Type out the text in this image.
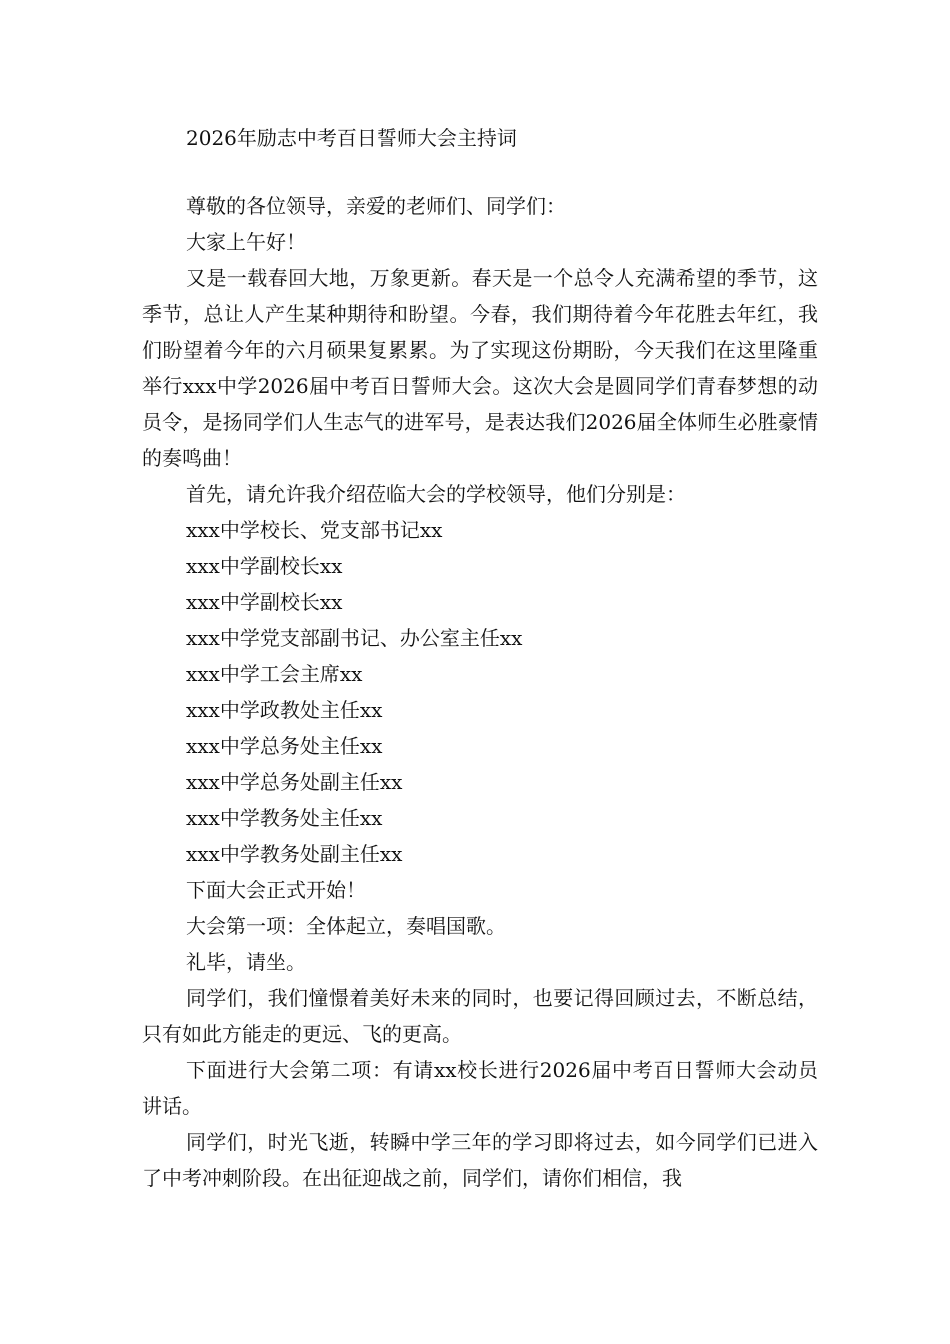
2026年励志中考百日誓师大会主持词

尊敬的各位领导，亲爱的老师们、同学们：

大家上午好！

又是一载春回大地，万象更新。春天是一个总令人充满希望的季节，这季节，总让人产生某种期待和盼望。今春，我们期待着今年花胜去年红，我们盼望着今年的六月硕果复累累。为了实现这份期盼，今天我们在这里隆重举行xxx中学2026届中考百日誓师大会。这次大会是圆同学们青春梦想的动员令，是扬同学们人生志气的进军号，是表达我们2026届全体师生必胜豪情的奏鸣曲！

首先，请允许我介绍莅临大会的学校领导，他们分别是：

xxx中学校长、党支部书记xx

xxx中学副校长xx

xxx中学副校长xx

xxx中学党支部副书记、办公室主任xx

xxx中学工会主席xx

xxx中学政教处主任xx

xxx中学总务处主任xx

xxx中学总务处副主任xx

xxx中学教务处主任xx

xxx中学教务处副主任xx

下面大会正式开始！

大会第一项：全体起立，奏唱国歌。

礼毕，请坐。

同学们，我们憧憬着美好未来的同时，也要记得回顾过去，不断总结，只有如此方能走的更远、飞的更高。

下面进行大会第二项：有请xx校长进行2026届中考百日誓师大会动员讲话。

同学们，时光飞逝，转瞬中学三年的学习即将过去，如今同学们已进入了中考冲刺阶段。在出征迎战之前，同学们，请你们相信，我
